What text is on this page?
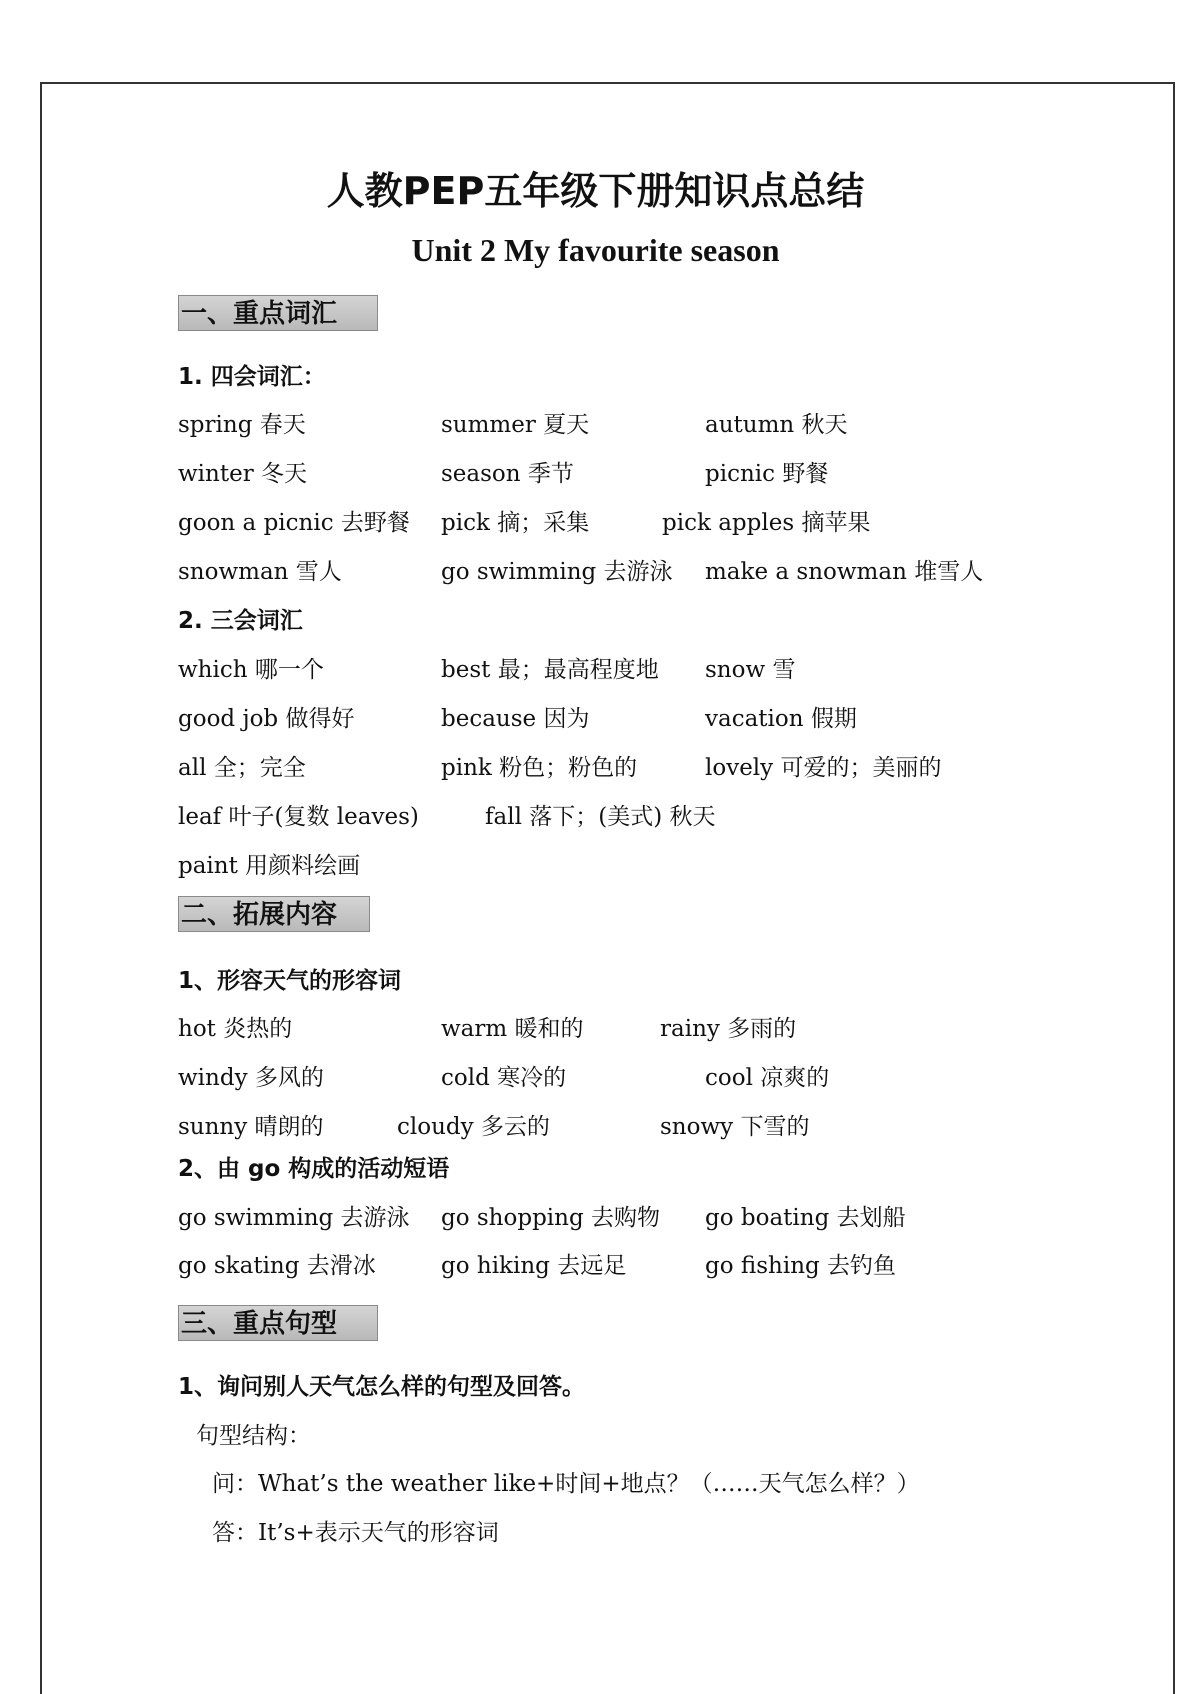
人教PEP五年级下册知识点总结
Unit 2 My favourite season
一、重点词汇
1. 四会词汇：
spring 春天	summer 夏天	autumn 秋天
winter 冬天	season 季节	picnic 野餐
goon a picnic 去野餐 pick 摘；采集	pick apples 摘苹果
snowman 雪人	go swimming 去游泳 make a snowman 堆雪人
2. 三会词汇
which 哪一个	best 最；最高程度地 snow 雪
good job 做得好	because 因为	vacation 假期
all 全；完全	pink 粉色；粉色的	lovely 可爱的；美丽的
leaf 叶子(复数 leaves)	fall 落下；(美式) 秋天
paint 用颜料绘画
二、拓展内容
1、形容天气的形容词
hot 炎热的	warm 暖和的	rainy 多雨的
windy 多风的	cold 寒冷的	cool 凉爽的
sunny 晴朗的	cloudy 多云的	snowy 下雪的
2、由 go 构成的活动短语
go swimming 去游泳 go shopping 去购物 go boating 去划船
go skating 去滑冰	go hiking 去远足	go fishing 去钓鱼
三、重点句型
1、询问别人天气怎么样的句型及回答。
句型结构：
问：What’s the weather like+时间+地点？（……天气怎么样？）
答：It’s+表示天气的形容词
